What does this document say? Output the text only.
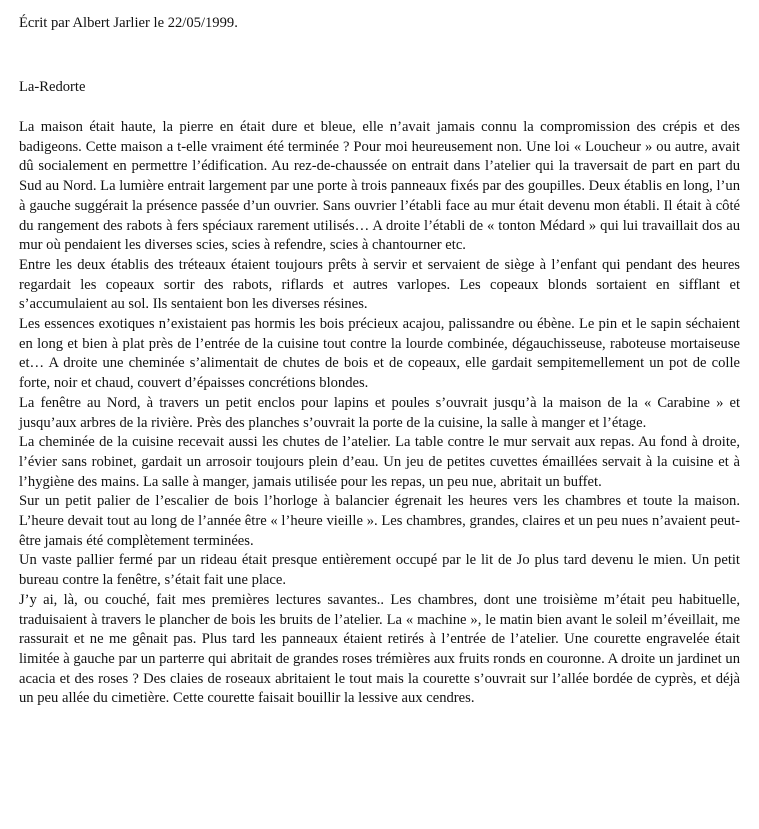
Écrit par Albert Jarlier le 22/05/1999.

La-Redorte

La maison était haute, la pierre en était dure et bleue, elle n’avait jamais connu la compromission des crépis et des badigeons. Cette maison a t-elle vraiment été terminée ? Pour moi heureusement non. Une loi « Loucheur » ou autre, avait dû socialement en permettre l’édification. Au rez-de-chaussée on entrait dans l’atelier qui la traversait de part en part du Sud au Nord. La lumière entrait largement par une porte à trois panneaux fixés par des goupilles. Deux établis en long, l’un à gauche suggérait la présence passée d’un ouvrier. Sans ouvrier l’établi face au mur était devenu mon établi. Il était à côté du rangement des rabots à fers spéciaux rarement utilisés… A droite l’établi de « tonton Médard » qui lui travaillait dos au mur où pendaient les diverses scies, scies à refendre, scies à chantourner etc.

Entre les deux établis des tréteaux étaient toujours prêts à servir et servaient de siège à l’enfant qui pendant des heures regardait les copeaux sortir des rabots, riflards et autres varlopes. Les copeaux blonds sortaient en sifflant et s’accumulaient au sol. Ils sentaient bon les diverses résines.

Les essences exotiques n’existaient pas hormis les bois précieux acajou, palissandre ou ébène. Le pin et le sapin séchaient en long et bien à plat près de l’entrée de la cuisine tout contre la lourde combinée, dégauchisseuse, raboteuse mortaiseuse et… A droite une cheminée s’alimentait de chutes de bois et de copeaux, elle gardait sempitemellement un pot de colle forte, noir et chaud, couvert d’épaisses concrétions blondes.

La fenêtre au Nord, à travers un petit enclos pour lapins et poules s’ouvrait jusqu’à la maison de la « Carabine » et jusqu’aux arbres de la rivière. Près des planches s’ouvrait la porte de la cuisine, la salle à manger et l’étage.

La cheminée de la cuisine recevait aussi les chutes de l’atelier. La table contre le mur servait aux repas. Au fond à droite, l’évier sans robinet, gardait un arrosoir toujours plein d’eau. Un jeu de petites cuvettes émaillées servait à la cuisine et à l’hygiène des mains. La salle à manger, jamais utilisée pour les repas, un peu nue, abritait un buffet.

Sur un petit palier de l’escalier de bois l’horloge à balancier égrenait les heures vers les chambres et toute la maison. L’heure devait tout au long de l’année être « l’heure vieille ». Les chambres, grandes, claires et un peu nues n’avaient peut-être jamais été complètement terminées.

Un vaste pallier fermé par un rideau était presque entièrement occupé par le lit de Jo plus tard devenu le mien. Un petit bureau contre la fenêtre, s’était fait une place.

J’y ai, là, ou couché, fait mes premières lectures savantes.. Les chambres, dont une troisième m’était peu habituelle, traduisaient à travers le plancher de bois les bruits de l’atelier. La « machine », le matin bien avant le soleil m’éveillait, me rassurait et ne me gênait pas. Plus tard les panneaux étaient retirés à l’entrée de l’atelier. Une courette engravelée était limitée à gauche par un parterre qui abritait de grandes roses trémières aux fruits ronds en couronne. A droite un jardinet un acacia et des roses ? Des claies de roseaux abritaient le tout mais la courette s’ouvrait sur l’allée bordée de cyprès, et déjà un peu allée du cimetière. Cette courette faisait bouillir la lessive aux cendres.
